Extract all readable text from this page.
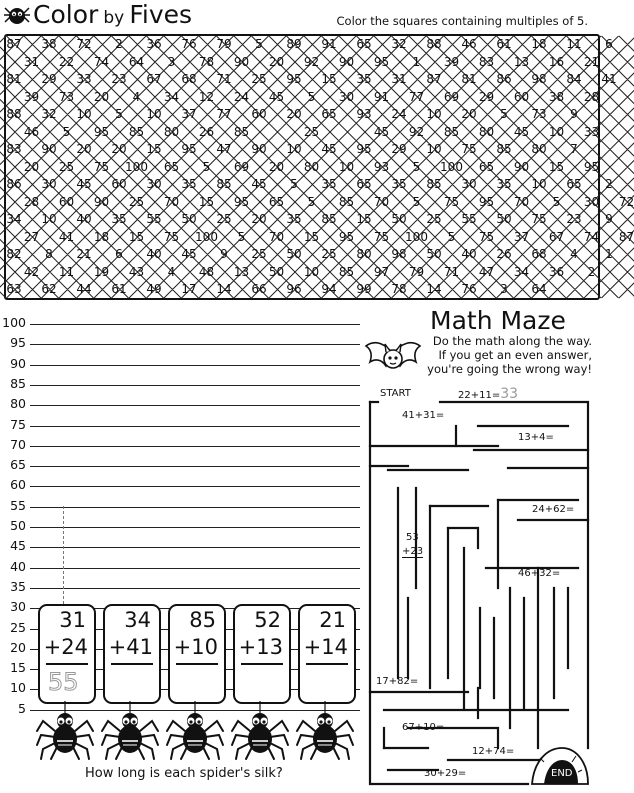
Color by Fives	Color the squares containing multiples of 5.
87 38 72 2 36 76 79 5 89 91 65 32 88 46 61 18 11 6
31 22 74 64 3 78 90 20 92 90 95 1 39 83 13 16 21
81 29 33 23 67 68 71 25 95 15 35 31 87 81 86 98 84 41
39 73 20 4 34 12 24 45 5 30 91 77 69 29 60 38 28
88 32 10 5 10 37 77 60 20 65 93 24 10 20 5 73 9
46 5 95 85 80 26 85	25	45 92 85 80 45 10 33
83 90 20 20 15 95 47 90 10 45 95 29 10 75 85 80 7
20 25 75 100 65 5 69 20 80 10 93 5 100 65 90 15 95
86 30 45 60 30 35 85 45 5 35 65 35 85 30 35 10 65 2
28 60 90 25 70 15 95 65 5 85 70 5 75 95 70 5 30 72
34 10 40 35 55 50 25 20 35 85 15 50 25 55 50 75 23 9
27 41 18 15 75 100 5 70 15 95 75 100 5 75 37 67 74 87
82 8 21 6 40 45 9 25 50 25 80 98 50 40 26 68 4 1
42 11 19 43 4 48 13 50 10 85 97 79 71 47 34 36 2
63 62 44 61 49 17 14 66 96 94 99 78 14 76 3 64
100
95
90
85
80
75
70
65
60
55
50
45
40
35
30
25
20
15
10
5
31
+24
55
34
+41
85
+10
52
+13
21
+14
How long is each spider's silk?
Math Maze
Do the math along the way.
If you get an even answer,
you're going the wrong way!
START	22+11=33
41+31=
13+4=
24+62=
53
+23
46+32=
17+82=
67+10=
12+74=
30+29=	END
